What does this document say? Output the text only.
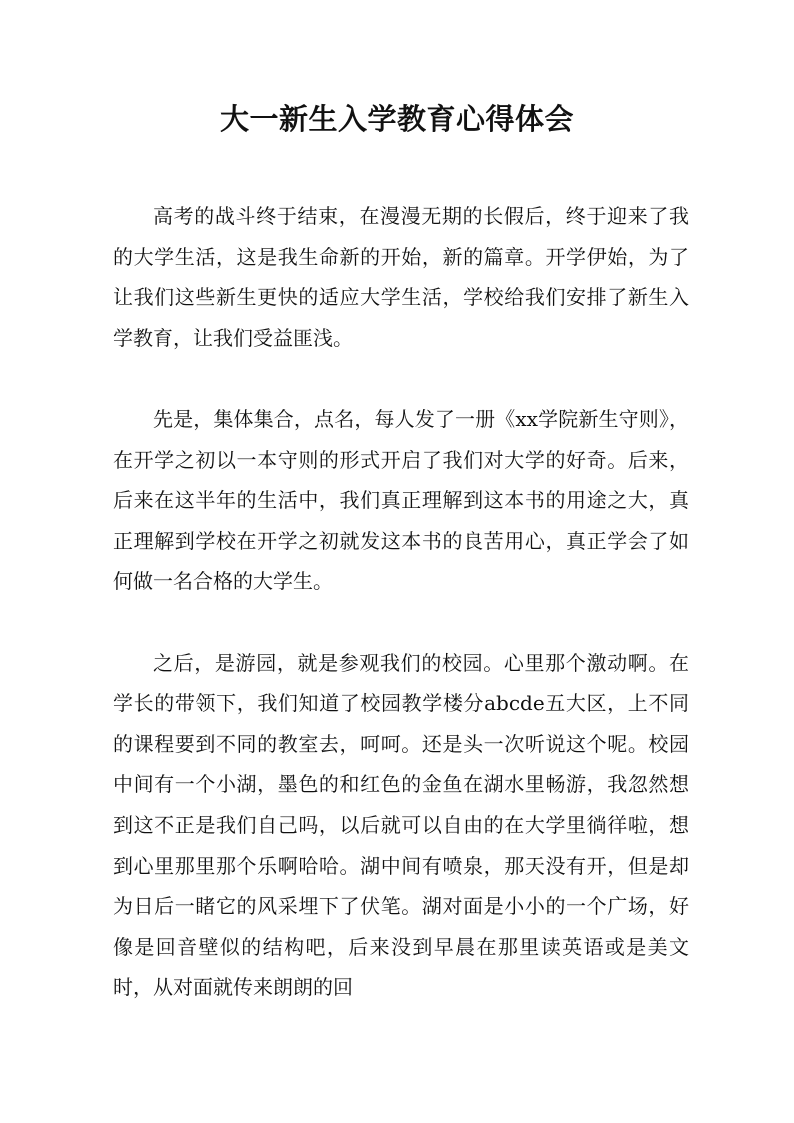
大一新生入学教育心得体会

高考的战斗终于结束，在漫漫无期的长假后，终于迎来了我的大学生活，这是我生命新的开始，新的篇章。开学伊始，为了让我们这些新生更快的适应大学生活，学校给我们安排了新生入学教育，让我们受益匪浅。

先是，集体集合，点名，每人发了一册《xx学院新生守则》，在开学之初以一本守则的形式开启了我们对大学的好奇。后来，后来在这半年的生活中，我们真正理解到这本书的用途之大，真正理解到学校在开学之初就发这本书的良苦用心，真正学会了如何做一名合格的大学生。

之后，是游园，就是参观我们的校园。心里那个激动啊。在学长的带领下，我们知道了校园教学楼分abcde五大区，上不同的课程要到不同的教室去，呵呵。还是头一次听说这个呢。校园中间有一个小湖，墨色的和红色的金鱼在湖水里畅游，我忽然想到这不正是我们自己吗，以后就可以自由的在大学里徜徉啦，想到心里那里那个乐啊哈哈。湖中间有喷泉，那天没有开，但是却为日后一睹它的风采埋下了伏笔。湖对面是小小的一个广场，好像是回音壁似的结构吧，后来没到早晨在那里读英语或是美文时，从对面就传来朗朗的回
